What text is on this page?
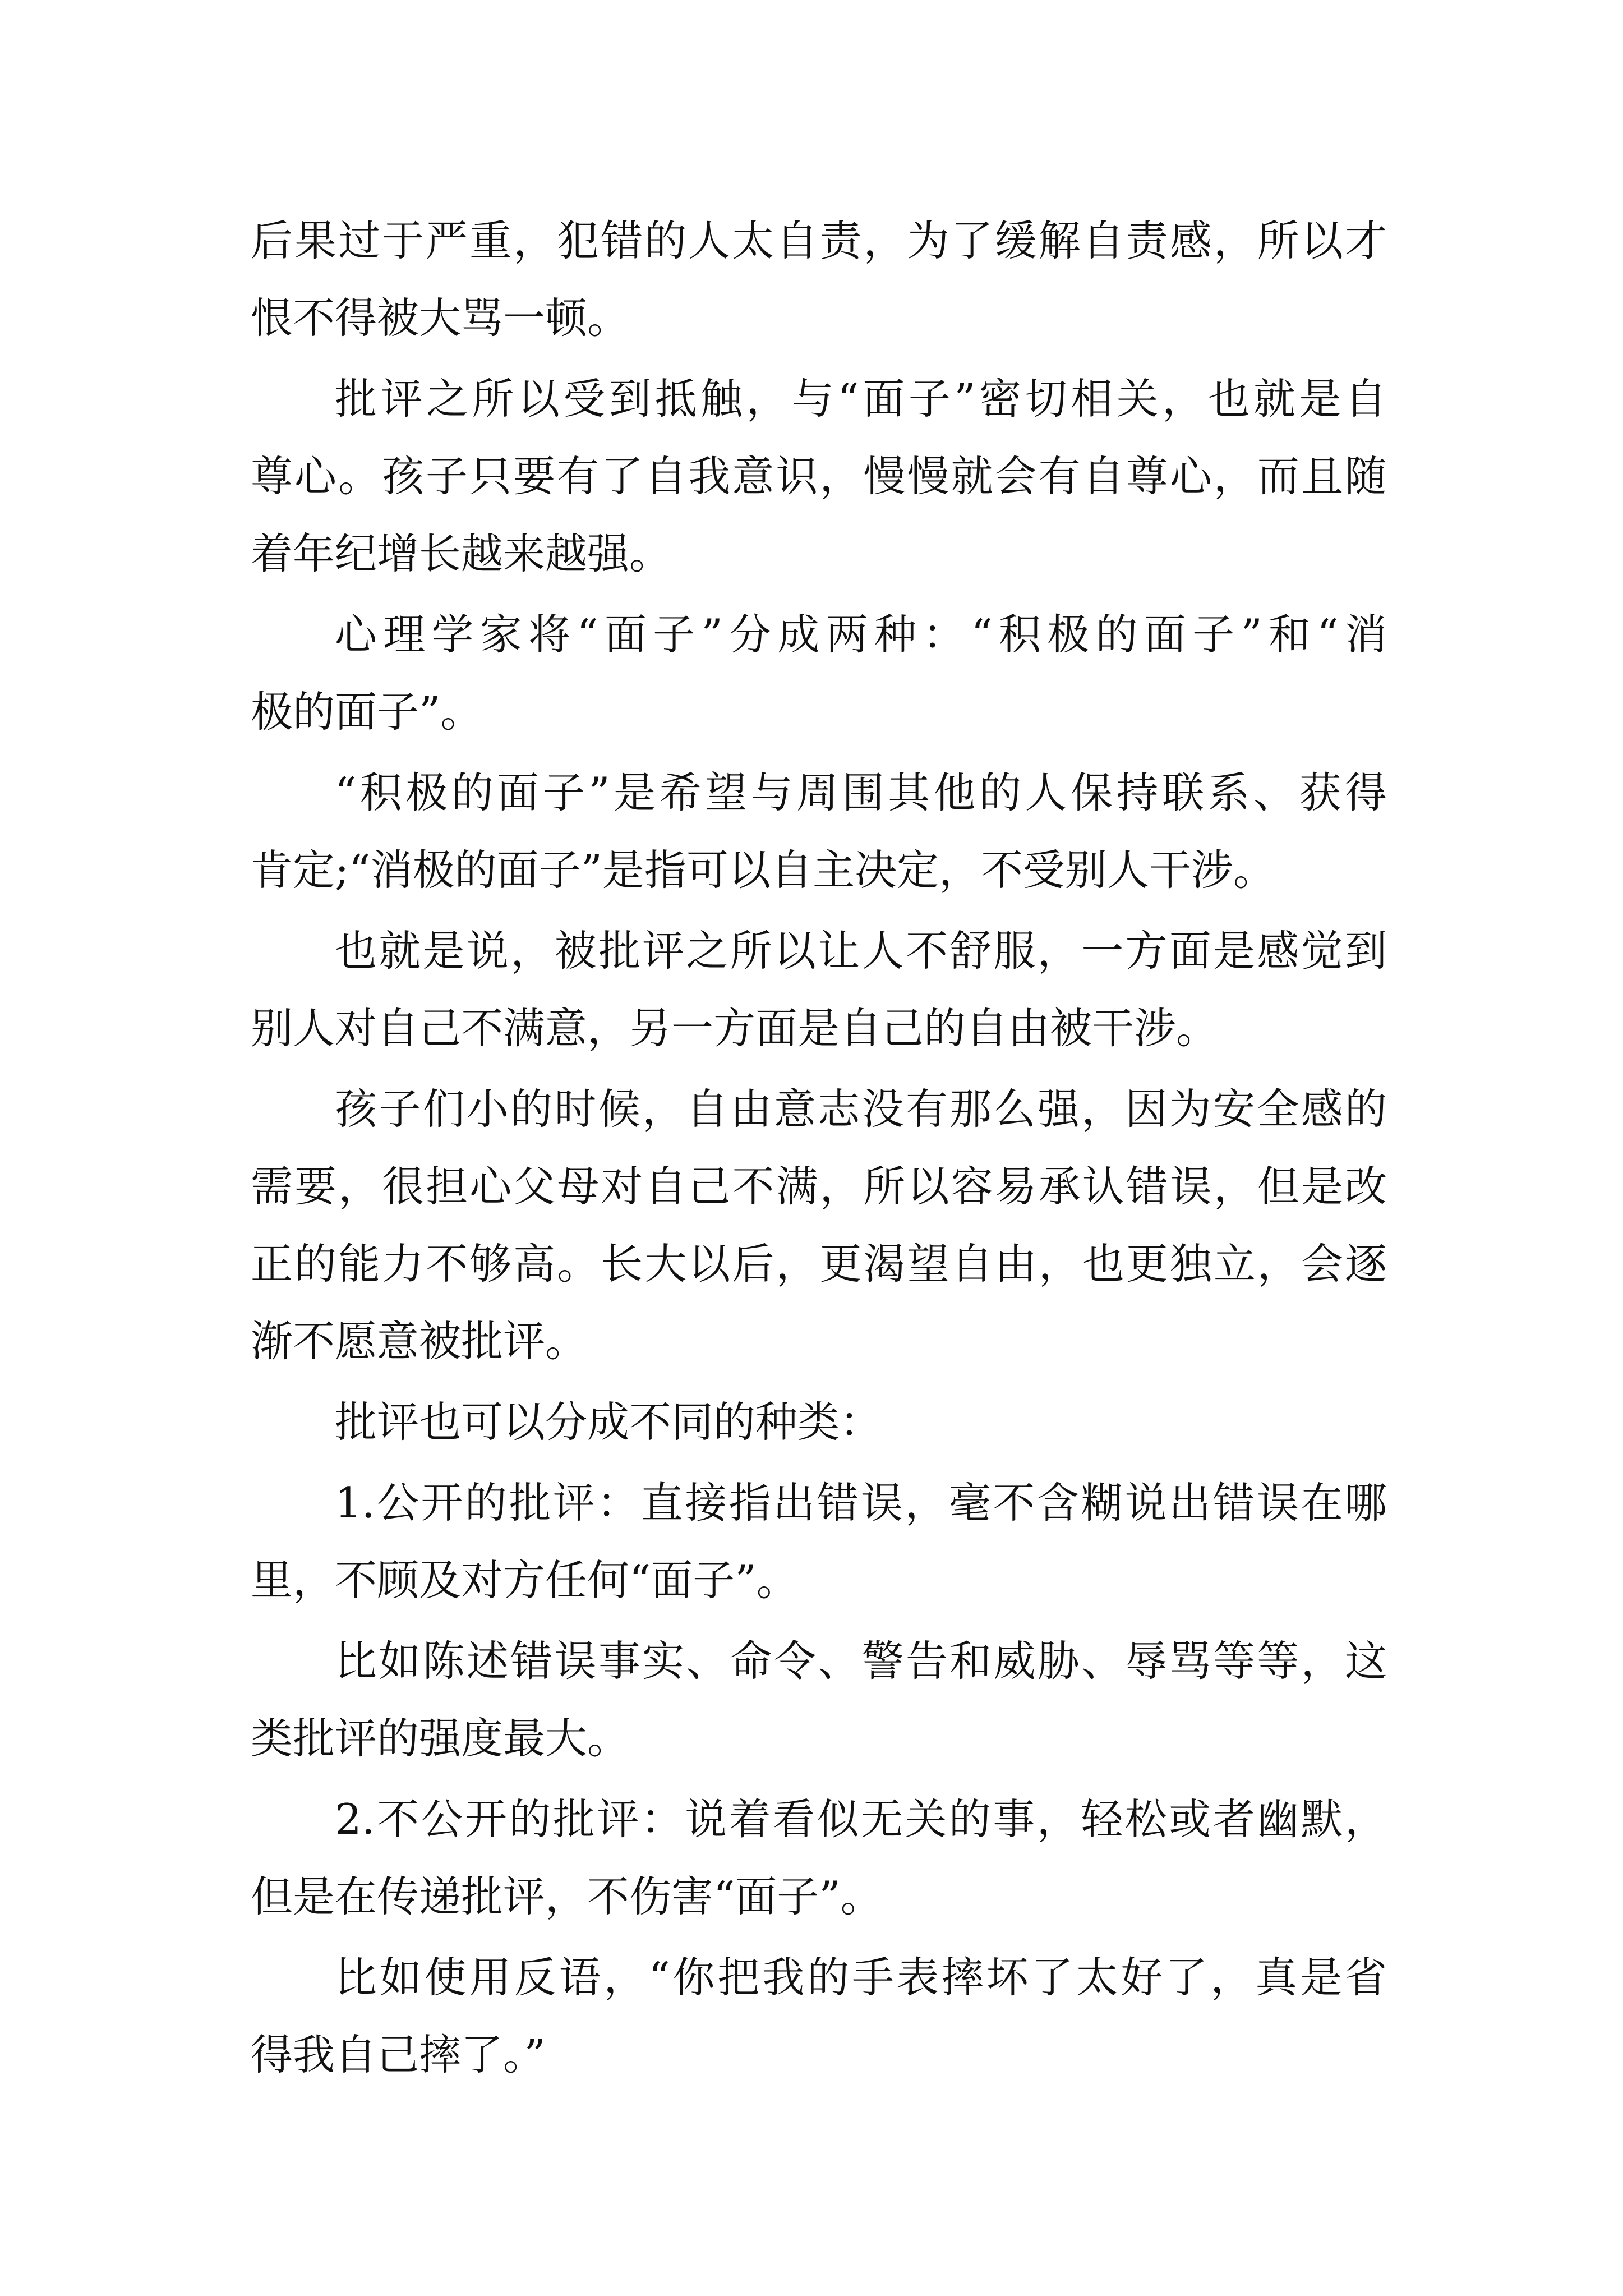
后果过于严重，犯错的人太自责，为了缓解自责感，所以才
恨不得被大骂一顿。
批评之所以受到抵触，与“面子”密切相关，也就是自
尊心。孩子只要有了自我意识，慢慢就会有自尊心，而且随
着年纪增长越来越强。
心理学家将“面子”分成两种：“积极的面子”和“消
极的面子”。
“积极的面子”是希望与周围其他的人保持联系、获得
肯定;“消极的面子”是指可以自主决定，不受别人干涉。
也就是说，被批评之所以让人不舒服，一方面是感觉到
别人对自己不满意，另一方面是自己的自由被干涉。
孩子们小的时候，自由意志没有那么强，因为安全感的
需要，很担心父母对自己不满，所以容易承认错误，但是改
正的能力不够高。长大以后，更渴望自由，也更独立，会逐
渐不愿意被批评。
批评也可以分成不同的种类：
1.公开的批评：直接指出错误，毫不含糊说出错误在哪
里，不顾及对方任何“面子”。
比如陈述错误事实、命令、警告和威胁、辱骂等等，这
类批评的强度最大。
2.不公开的批评：说着看似无关的事，轻松或者幽默，
但是在传递批评，不伤害“面子”。
比如使用反语，“你把我的手表摔坏了太好了，真是省
得我自己摔了。”
